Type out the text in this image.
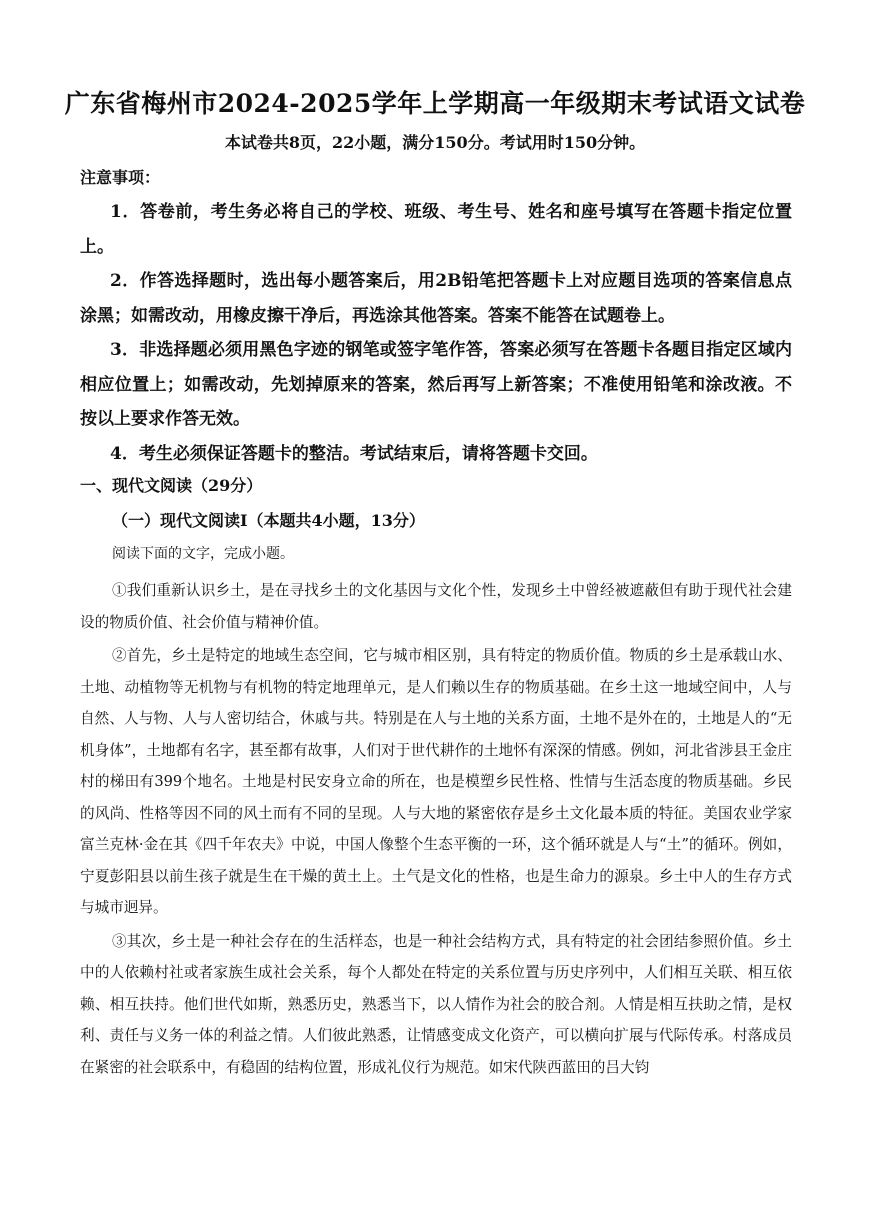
广东省梅州市2024-2025学年上学期高一年级期末考试语文试卷
本试卷共8页，22小题，满分150分。考试用时150分钟。
注意事项：

1．答卷前，考生务必将自己的学校、班级、考生号、姓名和座号填写在答题卡指定位置上。

2．作答选择题时，选出每小题答案后，用2B铅笔把答题卡上对应题目选项的答案信息点涂黑；如需改动，用橡皮擦干净后，再选涂其他答案。答案不能答在试题卷上。

3．非选择题必须用黑色字迹的钢笔或签字笔作答，答案必须写在答题卡各题目指定区域内相应位置上；如需改动，先划掉原来的答案，然后再写上新答案；不准使用铅笔和涂改液。不按以上要求作答无效。

4．考生必须保证答题卡的整洁。考试结束后，请将答题卡交回。

一、现代文阅读（29分）
（一）现代文阅读Ⅰ（本题共4小题，13分）
阅读下面的文字，完成小题。

①我们重新认识乡土，是在寻找乡土的文化基因与文化个性，发现乡土中曾经被遮蔽但有助于现代社会建设的物质价值、社会价值与精神价值。

②首先，乡土是特定的地域生态空间，它与城市相区别，具有特定的物质价值。物质的乡土是承载山水、土地、动植物等无机物与有机物的特定地理单元，是人们赖以生存的物质基础。在乡土这一地域空间中，人与自然、人与物、人与人密切结合，休戚与共。特别是在人与土地的关系方面，土地不是外在的，土地是人的“无机身体”，土地都有名字，甚至都有故事，人们对于世代耕作的土地怀有深深的情感。例如，河北省涉县王金庄村的梯田有399个地名。土地是村民安身立命的所在，也是模塑乡民性格、性情与生活态度的物质基础。乡民的风尚、性格等因不同的风土而有不同的呈现。人与大地的紧密依存是乡土文化最本质的特征。美国农业学家富兰克林·金在其《四千年农夫》中说，中国人像整个生态平衡的一环，这个循环就是人与“土”的循环。例如，宁夏彭阳县以前生孩子就是生在干燥的黄土上。土气是文化的性格，也是生命力的源泉。乡土中人的生存方式与城市迥异。

③其次，乡土是一种社会存在的生活样态，也是一种社会结构方式，具有特定的社会团结参照价值。乡土中的人依赖村社或者家族生成社会关系，每个人都处在特定的关系位置与历史序列中，人们相互关联、相互依赖、相互扶持。他们世代如斯，熟悉历史，熟悉当下，以人情作为社会的胶合剂。人情是相互扶助之情，是权利、责任与义务一体的利益之情。人们彼此熟悉，让情感变成文化资产，可以横向扩展与代际传承。村落成员在紧密的社会联系中，有稳固的结构位置，形成礼仪行为规范。如宋代陕西蓝田的吕大钧
